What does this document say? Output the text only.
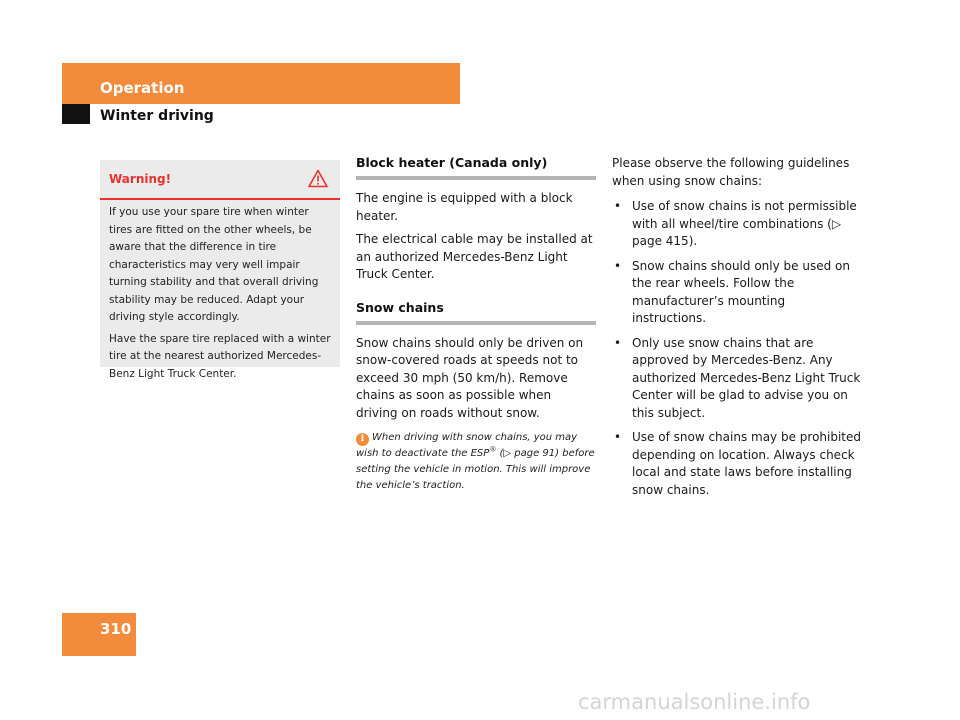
Operation
Winter driving
310
Warning!

If you use your spare tire when winter tires are fitted on the other wheels, be aware that the difference in tire characteristics may very well impair turning stability and that overall driving stability may be reduced. Adapt your driving style accordingly.

Have the spare tire replaced with a winter tire at the nearest authorized Mercedes-Benz Light Truck Center.

Block heater (Canada only)

The engine is equipped with a block heater.

The electrical cable may be installed at an authorized Mercedes-Benz Light Truck Center.

Snow chains

Snow chains should only be driven on snow-covered roads at speeds not to exceed 30 mph (50 km/h). Remove chains as soon as possible when driving on roads without snow.

i When driving with snow chains, you may wish to deactivate the ESP® (▷ page 91) before setting the vehicle in motion. This will improve the vehicle’s traction.

Please observe the following guidelines when using snow chains:

• Use of snow chains is not permissible with all wheel/tire combinations (▷ page 415).
• Snow chains should only be used on the rear wheels. Follow the manufacturer’s mounting instructions.
• Only use snow chains that are approved by Mercedes-Benz. Any authorized Mercedes-Benz Light Truck Center will be glad to advise you on this subject.
• Use of snow chains may be prohibited depending on location. Always check local and state laws before installing snow chains.
carmanualsonline.info
